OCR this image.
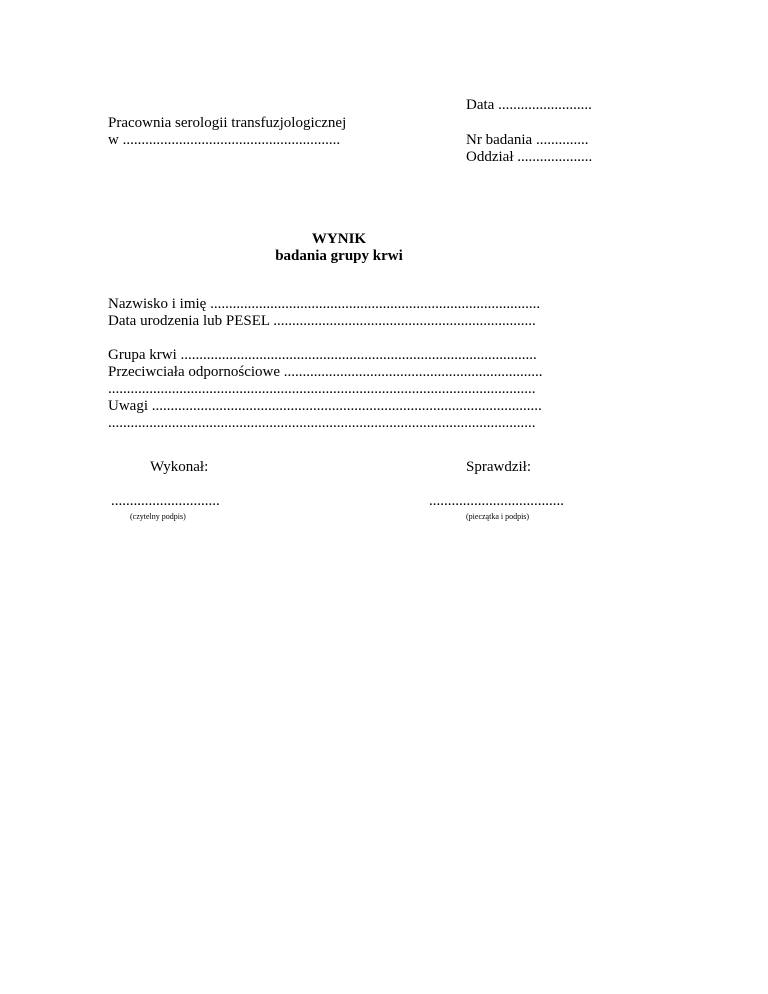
Data .........................
Pracownia serologii transfuzjologicznej
w ..........................................................	Nr badania ..............
Oddział ....................
WYNIK
badania grupy krwi
Nazwisko i imię ........................................................................................
Data urodzenia lub PESEL ......................................................................
Grupa krwi ...............................................................................................
Przeciwciała odpornościowe .....................................................................
..................................................................................................................
Uwagi ........................................................................................................
..................................................................................................................
Wykonał:	Sprawdził:
.............................	....................................
(czytelny podpis)	(pieczątka i podpis)
